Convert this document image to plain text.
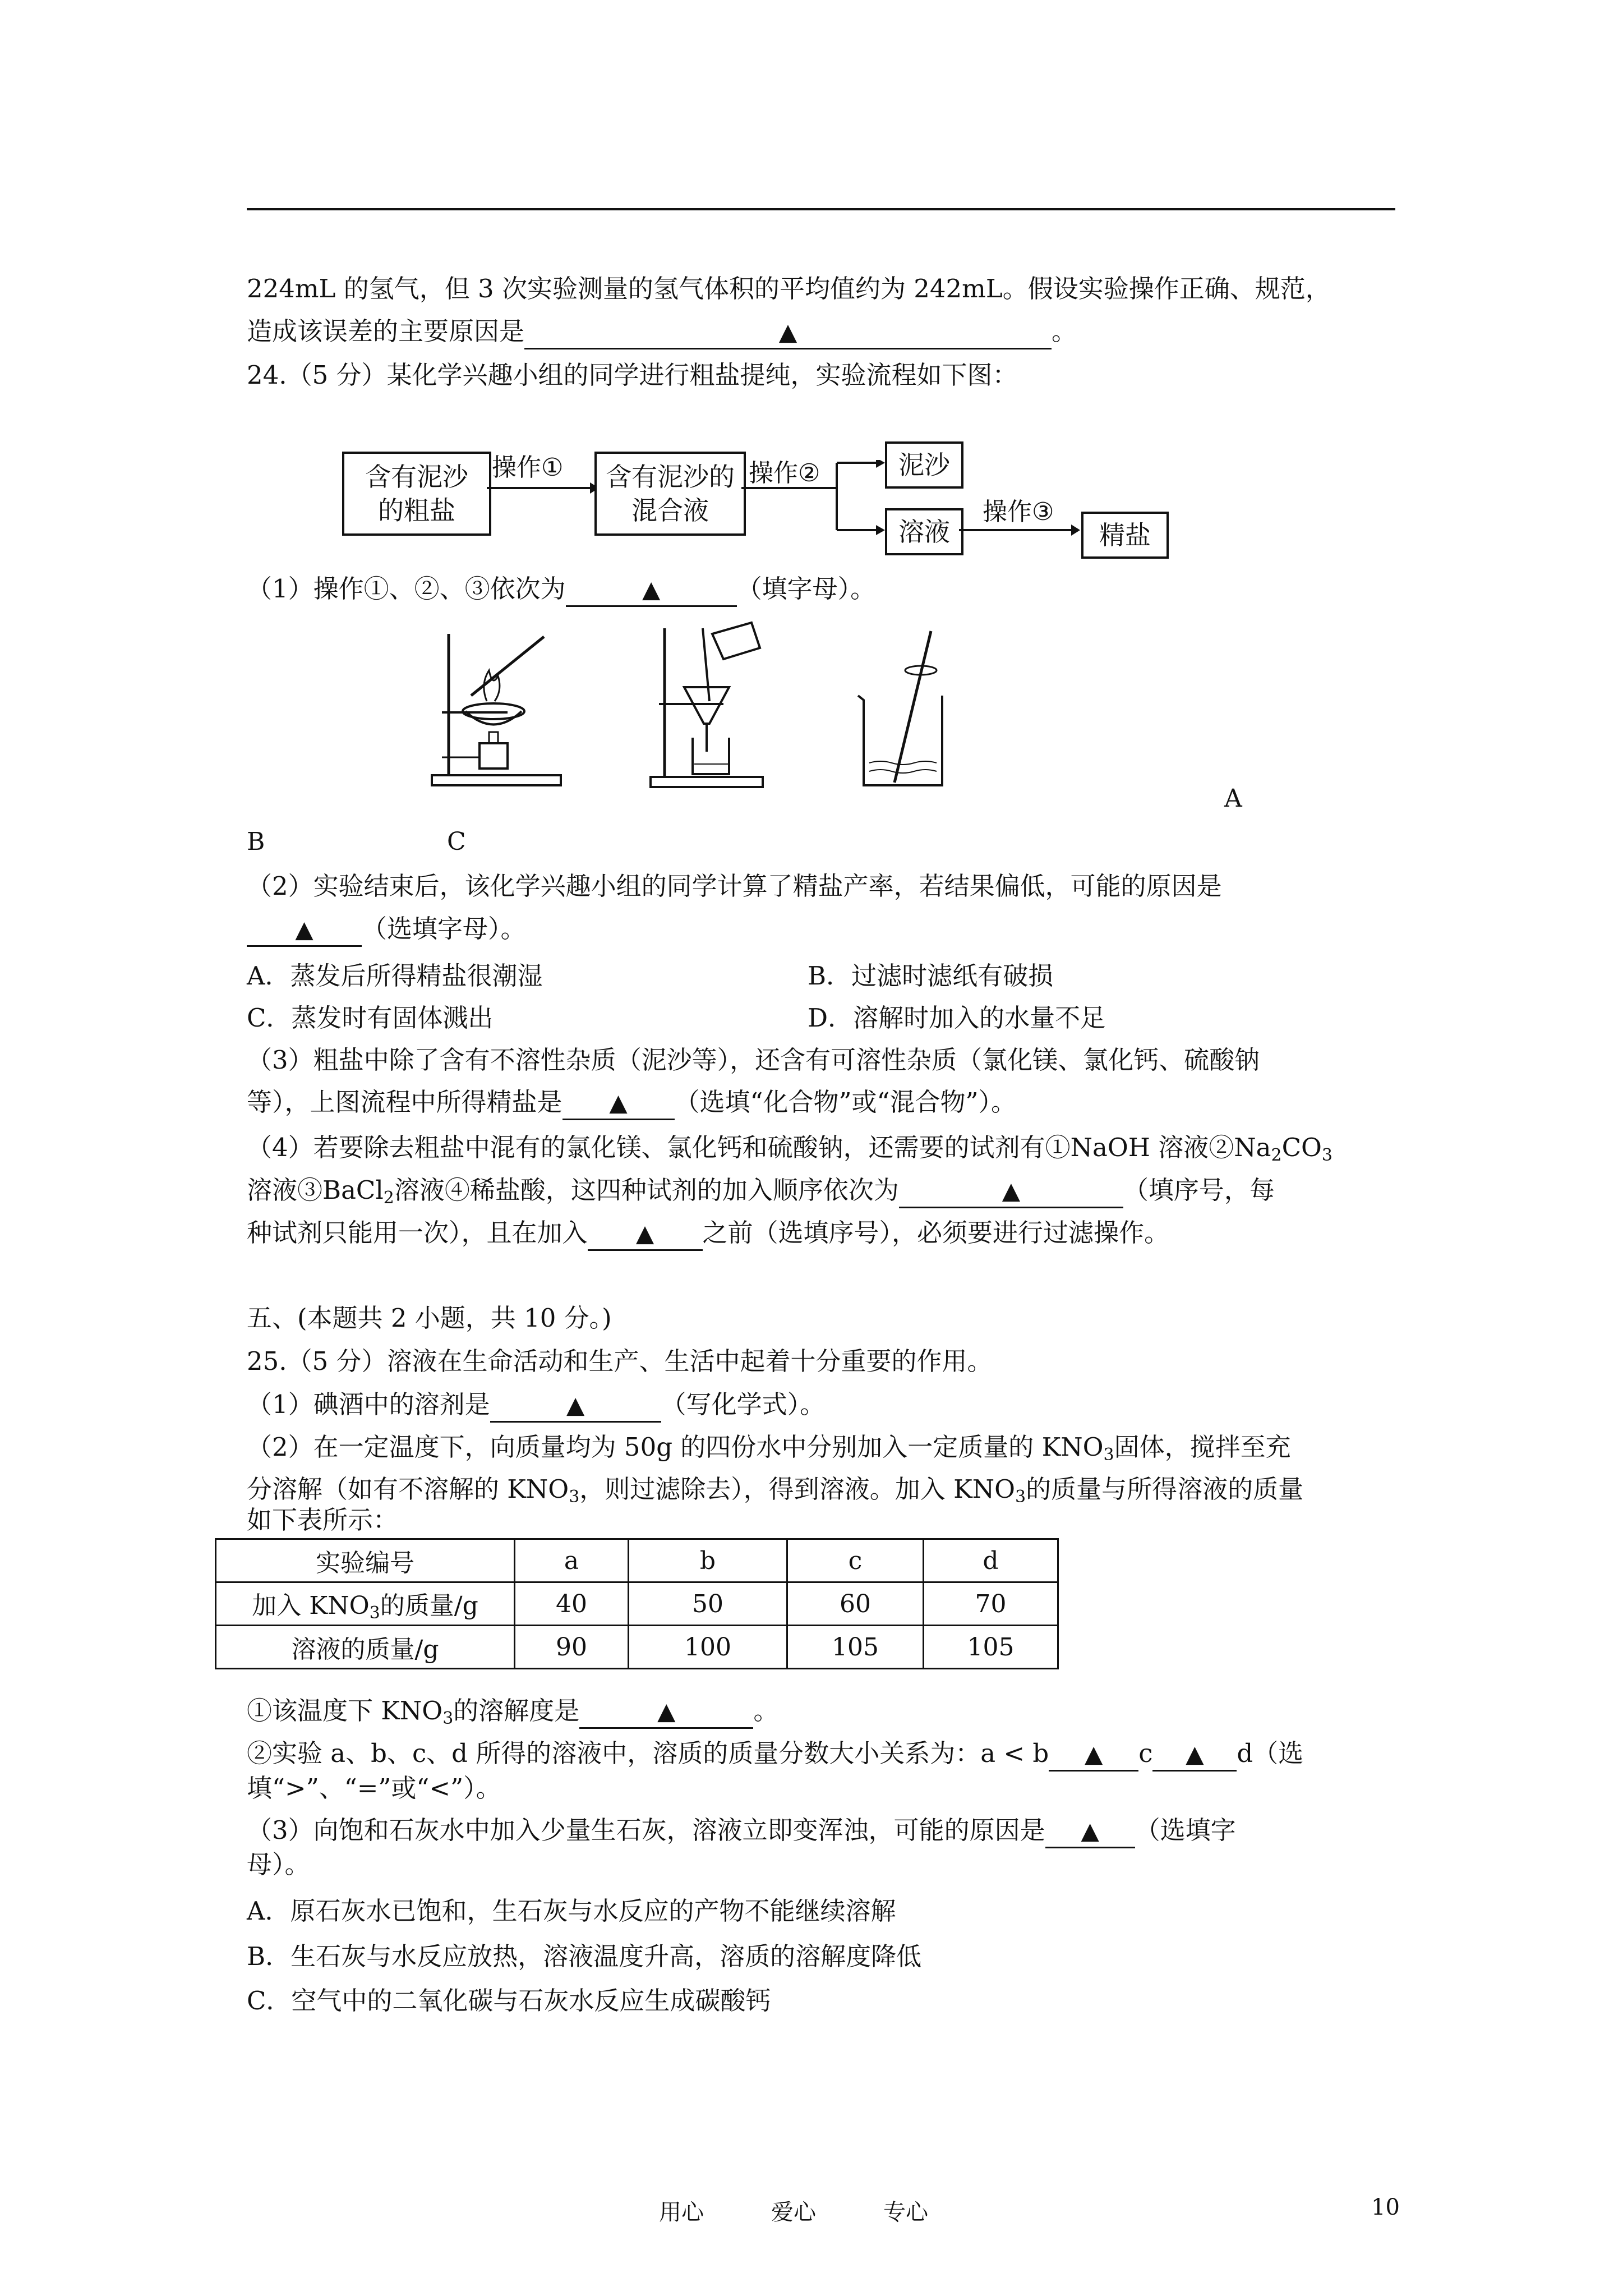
224mL 的氢气，但 3 次实验测量的氢气体积的平均值约为 242mL。假设实验操作正确、规范，
造成该误差的主要原因是	▲	。
24.（5 分）某化学兴趣小组的同学进行粗盐提纯，实验流程如下图：
含有泥沙
的粗盐
操作① 含有泥沙的
混合液
操作②	泥沙
溶液
操作③
精盐
（1）操作①、②、③依次为	▲	（填字母）。
A
B	C
（2）实验结束后，该化学兴趣小组的同学计算了精盐产率，若结果偏低，可能的原因是
▲ （选填字母）。
A．蒸发后所得精盐很潮湿	B．过滤时滤纸有破损
C．蒸发时有固体溅出	D．溶解时加入的水量不足
（3）粗盐中除了含有不溶性杂质（泥沙等），还含有可溶性杂质（氯化镁、氯化钙、硫酸钠
等），上图流程中所得精盐是 ▲ （选填“化合物”或“混合物”）。
（4）若要除去粗盐中混有的氯化镁、氯化钙和硫酸钠，还需要的试剂有①NaOH 溶液$②Na_2CO_3$
溶液③BaCl$_2$溶液④稀盐酸，这四种试剂的加入顺序依次为	▲	（填序号，每
种试剂只能用一次），且在加入 ▲ 之前（选填序号），必须要进行过滤操作。
五、(本题共 2 小题，共 10 分。)
25.（5 分）溶液在生命活动和生产、生活中起着十分重要的作用。
（1）碘酒中的溶剂是	▲	（写化学式）。
（2）在一定温度下，向质量均为 50g 的四份水中分别加入一定质量的 $KNO_3$固体，搅拌至充
分溶解（如有不溶解的 $KNO_3$，则过滤除去），得到溶液。加入 $KNO_3$的质量与所得溶液的质量
如下表所示：
实验编号	a	b	c	d
加入 $KNO_3$的质量/g	40	50	60	70
溶液的质量/g	90	100	105	105
①该温度下 $KNO_3$的溶解度是	▲	。
②实验 a、b、c、d 所得的溶液中，溶质的质量分数大小关系为：a < b ▲ c ▲ d（选
填“>”、“=”或“<”）。
（3）向饱和石灰水中加入少量生石灰，溶液立即变浑浊，可能的原因是 ▲ （选填字
母）。
A．原石灰水已饱和，生石灰与水反应的产物不能继续溶解
B．生石灰与水反应放热，溶液温度升高，溶质的溶解度降低
C．空气中的二氧化碳与石灰水反应生成碳酸钙
用心　　　爱心　　　专心	10
